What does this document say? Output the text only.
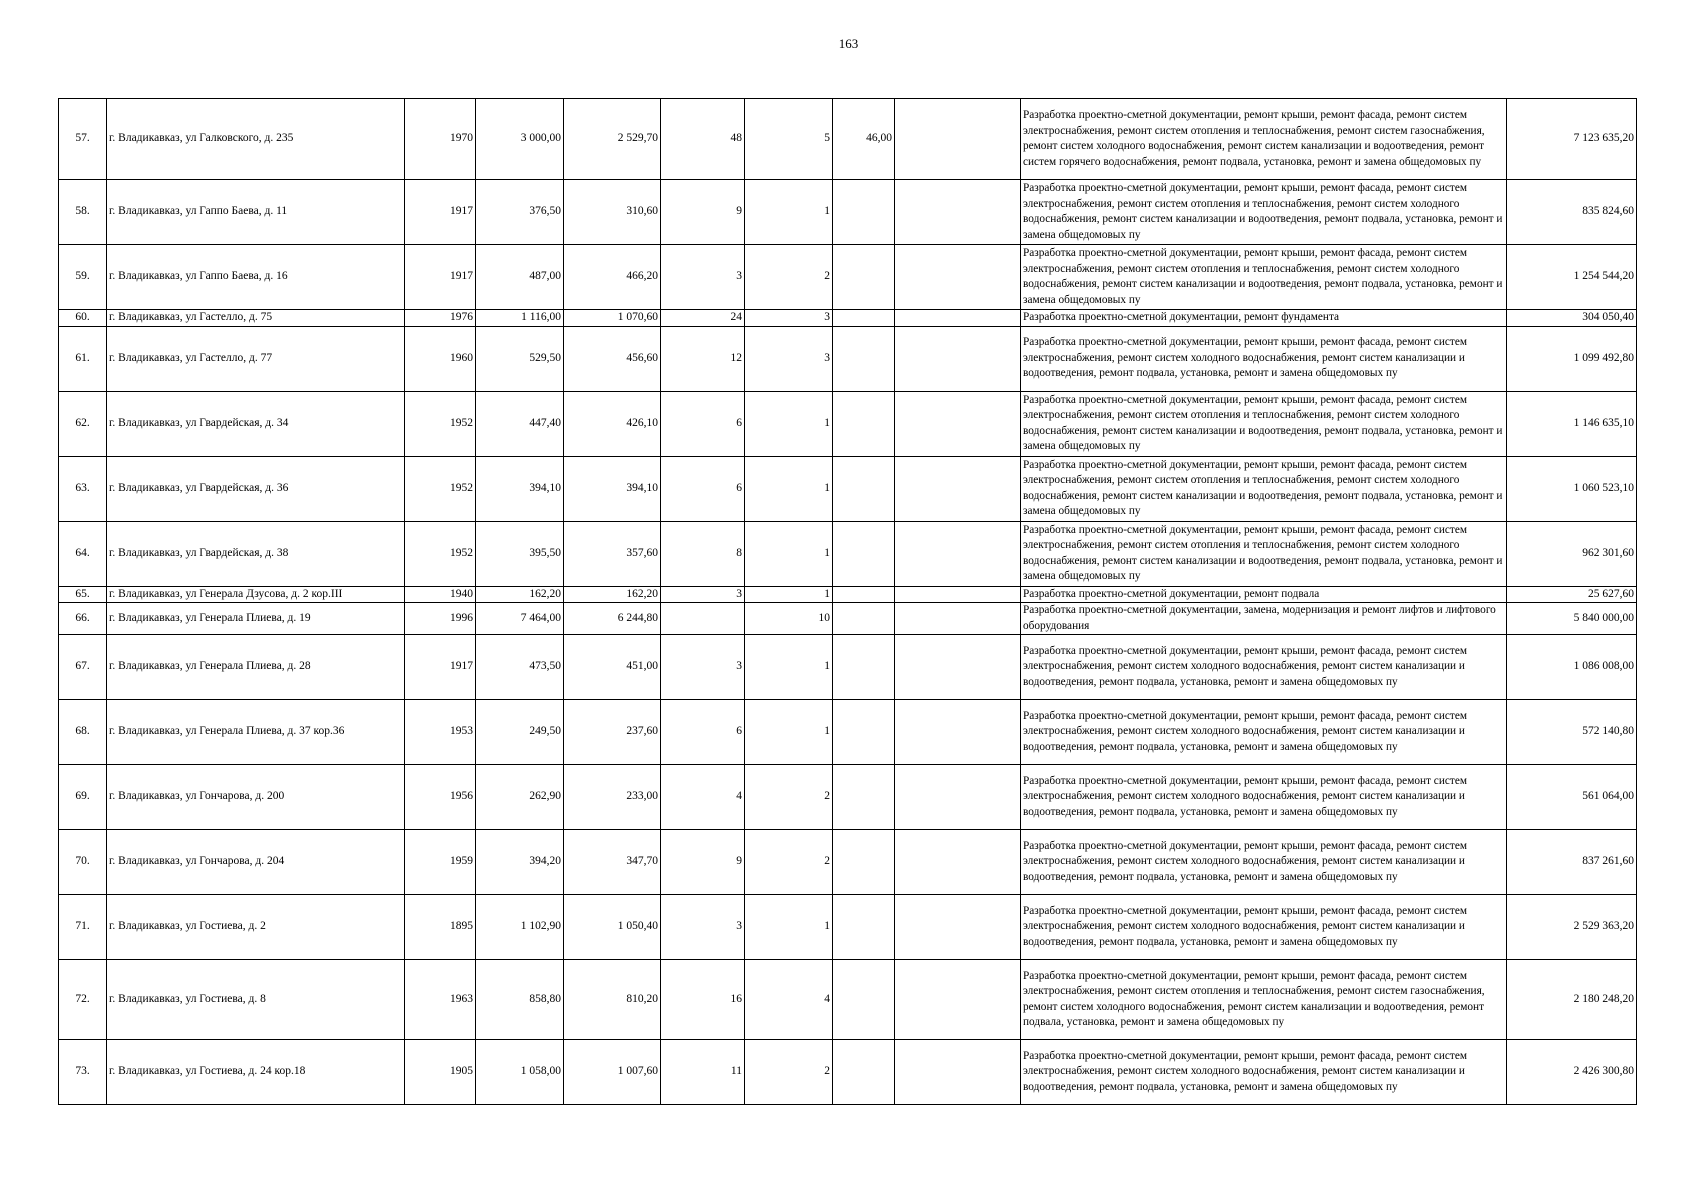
163
57.	г. Владикавказ, ул Галковского, д. 235	1970	3 000,00	2 529,70	48	5	46,00		Разработка проектно-сметной документации, ремонт крыши, ремонт фасада, ремонт систем электроснабжения, ремонт систем отопления и теплоснабжения, ремонт систем газоснабжения, ремонт систем холодного водоснабжения, ремонт систем канализации и водоотведения, ремонт систем горячего водоснабжения, ремонт подвала, установка, ремонт и замена общедомовых пу	7 123 635,20
58.	г. Владикавказ, ул Гаппо Баева, д. 11	1917	376,50	310,60	9	1			Разработка проектно-сметной документации, ремонт крыши, ремонт фасада, ремонт систем электроснабжения, ремонт систем отопления и теплоснабжения, ремонт систем холодного водоснабжения, ремонт систем канализации и водоотведения, ремонт подвала, установка, ремонт и замена общедомовых пу	835 824,60
59.	г. Владикавказ, ул Гаппо Баева, д. 16	1917	487,00	466,20	3	2			Разработка проектно-сметной документации, ремонт крыши, ремонт фасада, ремонт систем электроснабжения, ремонт систем отопления и теплоснабжения, ремонт систем холодного водоснабжения, ремонт систем канализации и водоотведения, ремонт подвала, установка, ремонт и замена общедомовых пу	1 254 544,20
60.	г. Владикавказ, ул Гастелло, д. 75	1976	1 116,00	1 070,60	24	3			Разработка проектно-сметной документации, ремонт фундамента	304 050,40
61.	г. Владикавказ, ул Гастелло, д. 77	1960	529,50	456,60	12	3			Разработка проектно-сметной документации, ремонт крыши, ремонт фасада, ремонт систем электроснабжения, ремонт систем холодного водоснабжения, ремонт систем канализации и водоотведения, ремонт подвала, установка, ремонт и замена общедомовых пу	1 099 492,80
62.	г. Владикавказ, ул Гвардейская, д. 34	1952	447,40	426,10	6	1			Разработка проектно-сметной документации, ремонт крыши, ремонт фасада, ремонт систем электроснабжения, ремонт систем отопления и теплоснабжения, ремонт систем холодного водоснабжения, ремонт систем канализации и водоотведения, ремонт подвала, установка, ремонт и замена общедомовых пу	1 146 635,10
63.	г. Владикавказ, ул Гвардейская, д. 36	1952	394,10	394,10	6	1			Разработка проектно-сметной документации, ремонт крыши, ремонт фасада, ремонт систем электроснабжения, ремонт систем отопления и теплоснабжения, ремонт систем холодного водоснабжения, ремонт систем канализации и водоотведения, ремонт подвала, установка, ремонт и замена общедомовых пу	1 060 523,10
64.	г. Владикавказ, ул Гвардейская, д. 38	1952	395,50	357,60	8	1			Разработка проектно-сметной документации, ремонт крыши, ремонт фасада, ремонт систем электроснабжения, ремонт систем отопления и теплоснабжения, ремонт систем холодного водоснабжения, ремонт систем канализации и водоотведения, ремонт подвала, установка, ремонт и замена общедомовых пу	962 301,60
65.	г. Владикавказ, ул Генерала Дзусова, д. 2 кор.III	1940	162,20	162,20	3	1			Разработка проектно-сметной документации, ремонт подвала	25 627,60
66.	г. Владикавказ, ул Генерала Плиева, д. 19	1996	7 464,00	6 244,80		10			Разработка проектно-сметной документации, замена, модернизация и ремонт лифтов и лифтового оборудования	5 840 000,00
67.	г. Владикавказ, ул Генерала Плиева, д. 28	1917	473,50	451,00	3	1			Разработка проектно-сметной документации, ремонт крыши, ремонт фасада, ремонт систем электроснабжения, ремонт систем холодного водоснабжения, ремонт систем канализации и водоотведения, ремонт подвала, установка, ремонт и замена общедомовых пу	1 086 008,00
68.	г. Владикавказ, ул Генерала Плиева, д. 37 кор.36	1953	249,50	237,60	6	1			Разработка проектно-сметной документации, ремонт крыши, ремонт фасада, ремонт систем электроснабжения, ремонт систем холодного водоснабжения, ремонт систем канализации и водоотведения, ремонт подвала, установка, ремонт и замена общедомовых пу	572 140,80
69.	г. Владикавказ, ул Гончарова, д. 200	1956	262,90	233,00	4	2			Разработка проектно-сметной документации, ремонт крыши, ремонт фасада, ремонт систем электроснабжения, ремонт систем холодного водоснабжения, ремонт систем канализации и водоотведения, ремонт подвала, установка, ремонт и замена общедомовых пу	561 064,00
70.	г. Владикавказ, ул Гончарова, д. 204	1959	394,20	347,70	9	2			Разработка проектно-сметной документации, ремонт крыши, ремонт фасада, ремонт систем электроснабжения, ремонт систем холодного водоснабжения, ремонт систем канализации и водоотведения, ремонт подвала, установка, ремонт и замена общедомовых пу	837 261,60
71.	г. Владикавказ, ул Гостиева, д. 2	1895	1 102,90	1 050,40	3	1			Разработка проектно-сметной документации, ремонт крыши, ремонт фасада, ремонт систем электроснабжения, ремонт систем холодного водоснабжения, ремонт систем канализации и водоотведения, ремонт подвала, установка, ремонт и замена общедомовых пу	2 529 363,20
72.	г. Владикавказ, ул Гостиева, д. 8	1963	858,80	810,20	16	4			Разработка проектно-сметной документации, ремонт крыши, ремонт фасада, ремонт систем электроснабжения, ремонт систем отопления и теплоснабжения, ремонт систем газоснабжения, ремонт систем холодного водоснабжения, ремонт систем канализации и водоотведения, ремонт подвала, установка, ремонт и замена общедомовых пу	2 180 248,20
73.	г. Владикавказ, ул Гостиева, д. 24 кор.18	1905	1 058,00	1 007,60	11	2			Разработка проектно-сметной документации, ремонт крыши, ремонт фасада, ремонт систем электроснабжения, ремонт систем холодного водоснабжения, ремонт систем канализации и водоотведения, ремонт подвала, установка, ремонт и замена общедомовых пу	2 426 300,80
